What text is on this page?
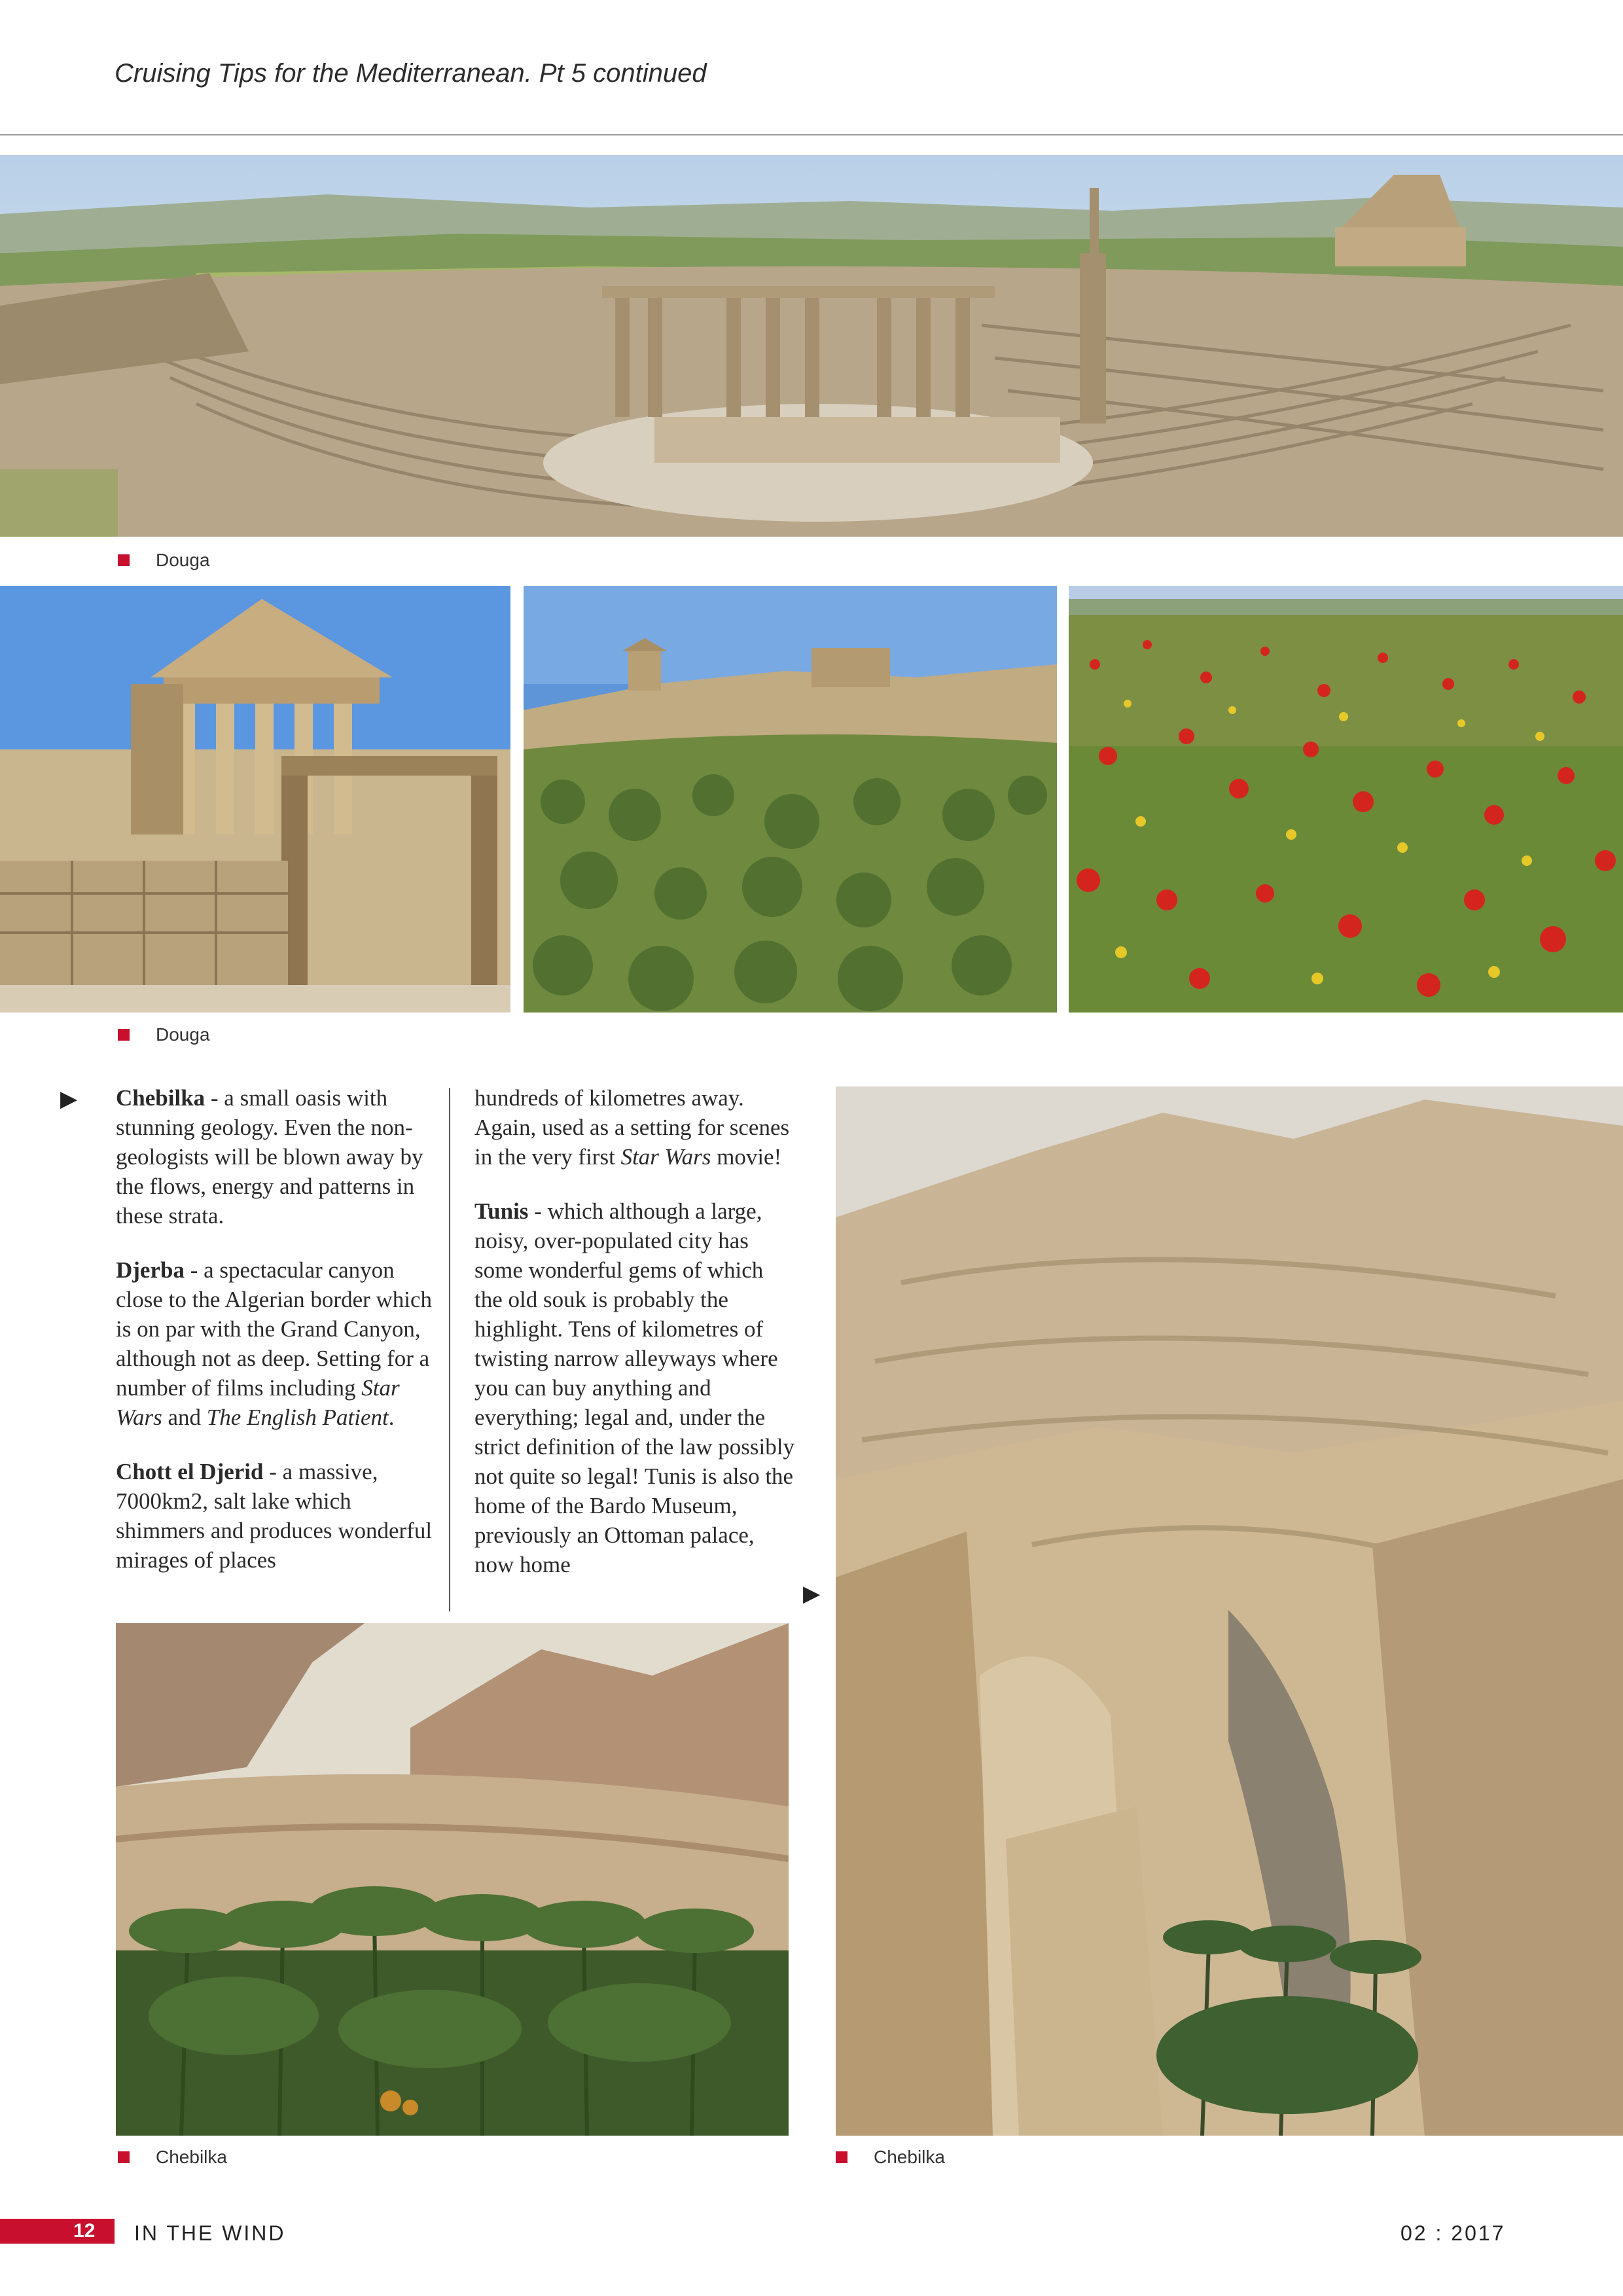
Cruising Tips for the Mediterranean. Pt 5 continued
Douga
Douga
▶ Chebilka - a small oasis with stunning geology. Even the non-geologists will be blown away by the flows, energy and patterns in these strata.

Djerba - a spectacular canyon close to the Algerian border which is on par with the Grand Canyon, although not as deep. Setting for a number of films including Star Wars and The English Patient.

Chott el Djerid - a massive, 7000km2, salt lake which shimmers and produces wonderful mirages of places

hundreds of kilometres away. Again, used as a setting for scenes in the very first Star Wars movie!

Tunis - which although a large, noisy, over-populated city has some wonderful gems of which the old souk is probably the highlight. Tens of kilometres of twisting narrow alleyways where you can buy anything and everything; legal and, under the strict definition of the law possibly not quite so legal! Tunis is also the home of the Bardo Museum, previously an Ottoman palace, now home

▶
Chebilka	Chebilka
12 IN THE WIND	02 : 2017
